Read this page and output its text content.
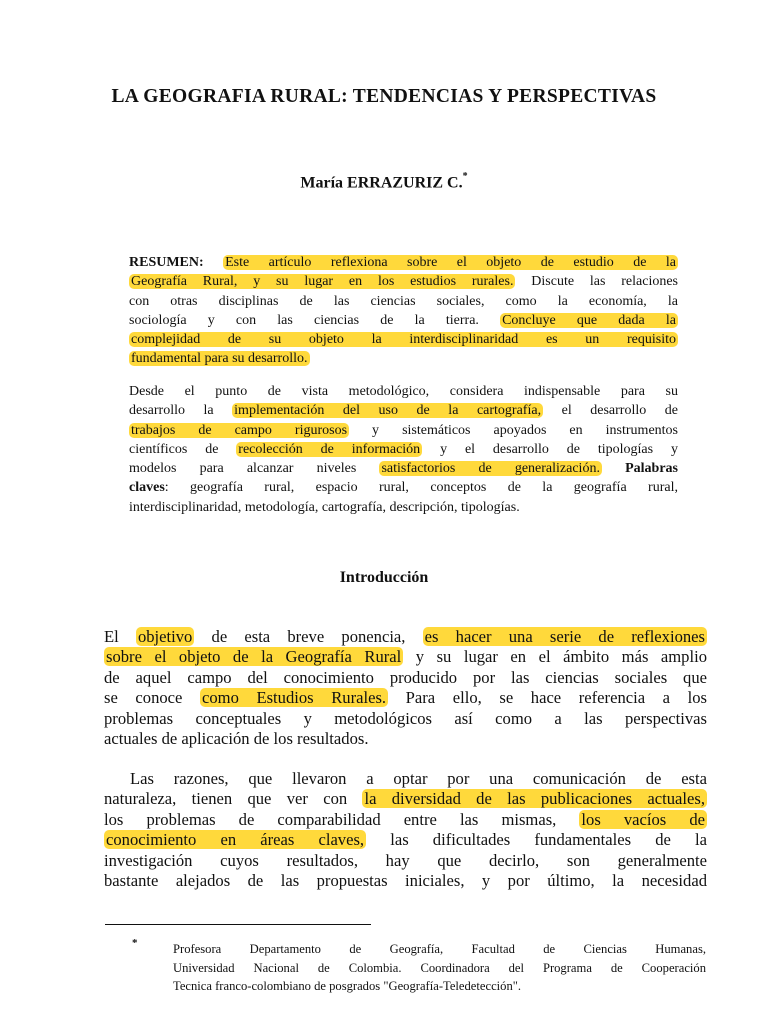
LA GEOGRAFIA RURAL: TENDENCIAS Y PERSPECTIVAS
María ERRAZURIZ C.*
RESUMEN: Este artículo reflexiona sobre el objeto de estudio de la
Geografía Rural, y su lugar en los estudios rurales. Discute las relaciones
con otras disciplinas de las ciencias sociales, como la economía, la
sociología y con las ciencias de la tierra. Concluye que dada la
complejidad de su objeto la interdisciplinaridad es un requisito
fundamental para su desarrollo.
Desde el punto de vista metodológico, considera indispensable para su
desarrollo la implementación del uso de la cartografía, el desarrollo de
trabajos de campo rigurosos y sistemáticos apoyados en instrumentos
científicos de recolección de información y el desarrollo de tipologías y
modelos para alcanzar niveles satisfactorios de generalización. Palabras
claves: geografía rural, espacio rural, conceptos de la geografía rural,
interdisciplinaridad, metodología, cartografía, descripción, tipologías.
Introducción
El objetivo de esta breve ponencia, es hacer una serie de reflexiones
sobre el objeto de la Geografía Rural y su lugar en el ámbito más amplio
de aquel campo del conocimiento producido por las ciencias sociales que
se conoce como Estudios Rurales. Para ello, se hace referencia a los
problemas conceptuales y metodológicos así como a las perspectivas
actuales de aplicación de los resultados.
Las razones, que llevaron a optar por una comunicación de esta
naturaleza, tienen que ver con la diversidad de las publicaciones actuales,
los problemas de comparabilidad entre las mismas, los vacíos de
conocimiento en áreas claves, las dificultades fundamentales de la
investigación cuyos resultados, hay que decirlo, son generalmente
bastante alejados de las propuestas iniciales, y por último, la necesidad
*	Profesora Departamento de Geografía, Facultad de Ciencias Humanas,
Universidad Nacional de Colombia. Coordinadora del Programa de Cooperación
Tecnica franco-colombiano de posgrados "Geografía-Teledetección".
